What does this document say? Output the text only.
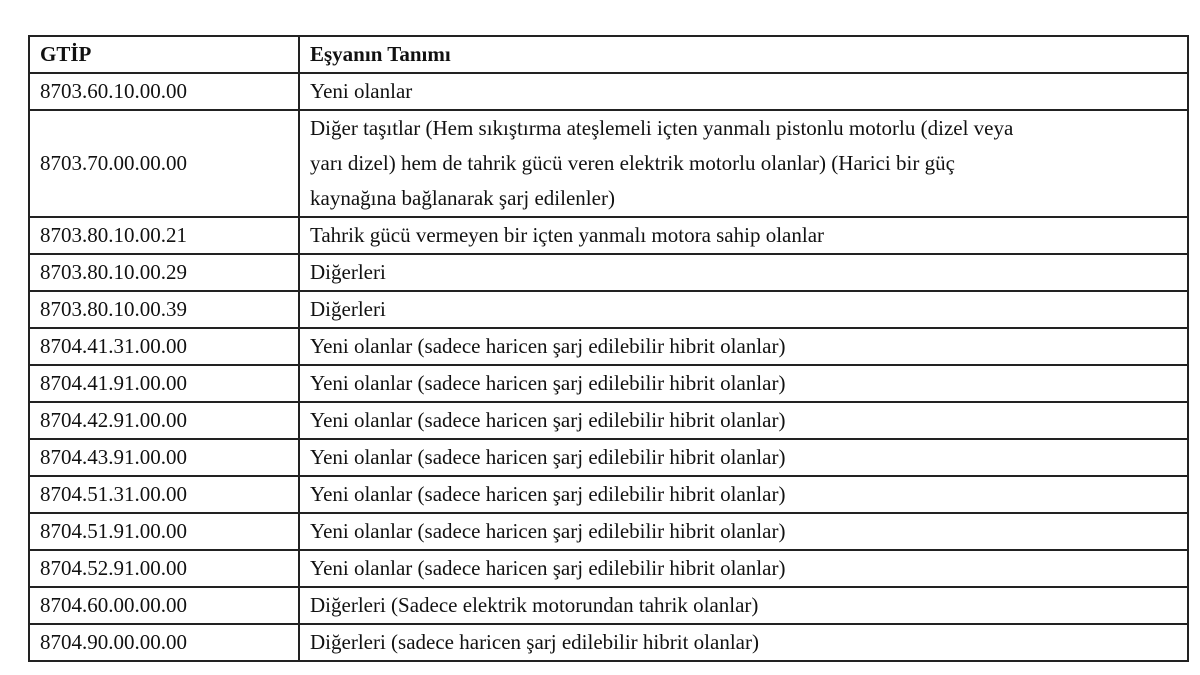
GTİP	Eşyanın Tanımı
8703.60.10.00.00	Yeni olanlar

8703.70.00.00.00	Diğer taşıtlar (Hem sıkıştırma ateşlemeli içten yanmalı pistonlu motorlu (dizel veya
yarı dizel) hem de tahrik gücü veren elektrik motorlu olanlar) (Harici bir güç
kaynağına bağlanarak şarj edilenler)

8703.80.10.00.21	Tahrik gücü vermeyen bir içten yanmalı motora sahip olanlar

8703.80.10.00.29	Diğerleri

8703.80.10.00.39	Diğerleri

8704.41.31.00.00	Yeni olanlar (sadece haricen şarj edilebilir hibrit olanlar)

8704.41.91.00.00	Yeni olanlar (sadece haricen şarj edilebilir hibrit olanlar)

8704.42.91.00.00	Yeni olanlar (sadece haricen şarj edilebilir hibrit olanlar)

8704.43.91.00.00	Yeni olanlar (sadece haricen şarj edilebilir hibrit olanlar)

8704.51.31.00.00	Yeni olanlar (sadece haricen şarj edilebilir hibrit olanlar)

8704.51.91.00.00	Yeni olanlar (sadece haricen şarj edilebilir hibrit olanlar)

8704.52.91.00.00	Yeni olanlar (sadece haricen şarj edilebilir hibrit olanlar)

8704.60.00.00.00	Diğerleri (Sadece elektrik motorundan tahrik olanlar)

8704.90.00.00.00	Diğerleri (sadece haricen şarj edilebilir hibrit olanlar)
